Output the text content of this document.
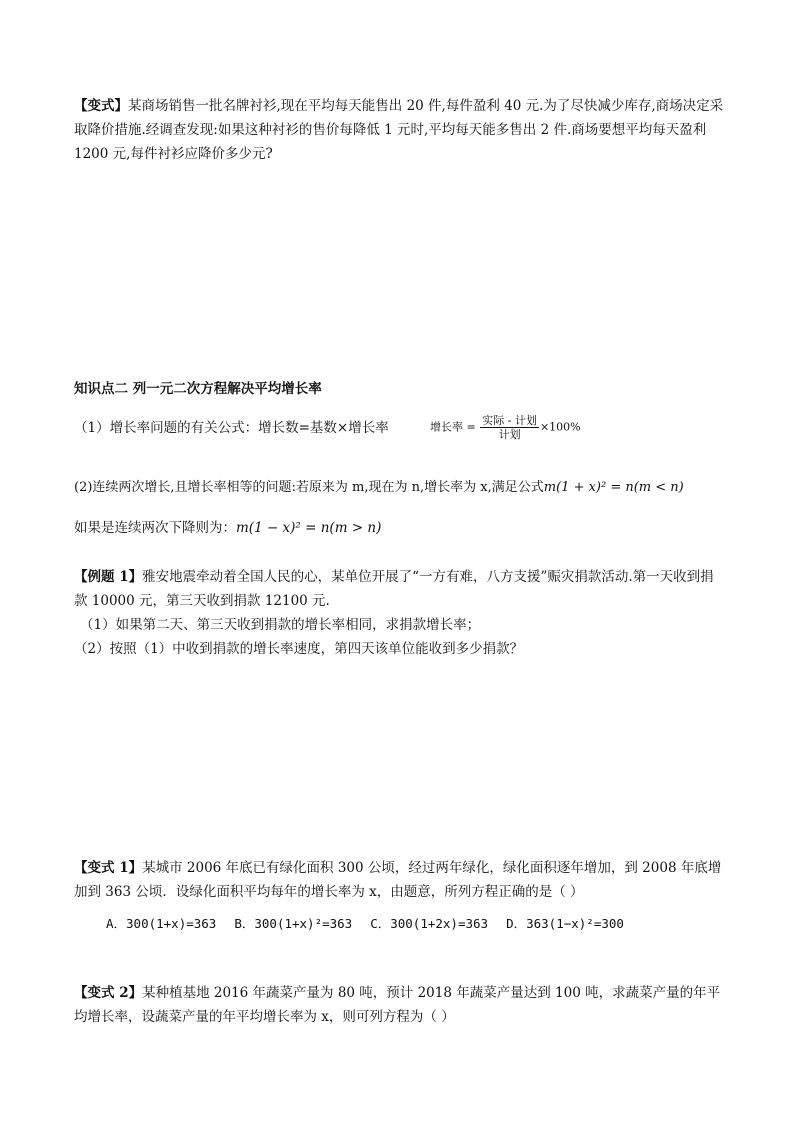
【变式】某商场销售一批名牌衬衫,现在平均每天能售出 20 件,每件盈利 40 元.为了尽快减少库存,商场决定采取降价措施.经调查发现:如果这种衬衫的售价每降低 1 元时,平均每天能多售出 2 件.商场要想平均每天盈利 1200 元,每件衬衫应降价多少元?
知识点二 列一元二次方程解决平均增长率
（1）增长率问题的有关公式：增长数=基数×增长率	增长率 = $\frac{\text{实际 - 计划}}{\text{计划}} \times 100\%$
(2)连续两次增长,且增长率相等的问题:若原来为 m,现在为 n,增长率为 x,满足公式m(1 + x)² = n(m < n)
如果是连续两次下降则为：m(1 − x)² = n(m > n)
【例题 1】雅安地震牵动着全国人民的心，某单位开展了“一方有难，八方支援”赈灾捐款活动.第一天收到捐款 10000 元，第三天收到捐款 12100 元.
（1）如果第二天、第三天收到捐款的增长率相同，求捐款增长率；
（2）按照（1）中收到捐款的增长率速度，第四天该单位能收到多少捐款？
【变式 1】某城市 2006 年底已有绿化面积 300 公顷，经过两年绿化，绿化面积逐年增加，到 2008 年底增加到 363 公顷．设绿化面积平均每年的增长率为 x，由题意，所列方程正确的是（ ）
A．300(1+x)=363 B．300(1+x)²=363 C．300(1+2x)=363 D．363(1−x)²=300
【变式 2】某种植基地 2016 年蔬菜产量为 80 吨，预计 2018 年蔬菜产量达到 100 吨，求蔬菜产量的年平均增长率，设蔬菜产量的年平均增长率为 x，则可列方程为（ ）
